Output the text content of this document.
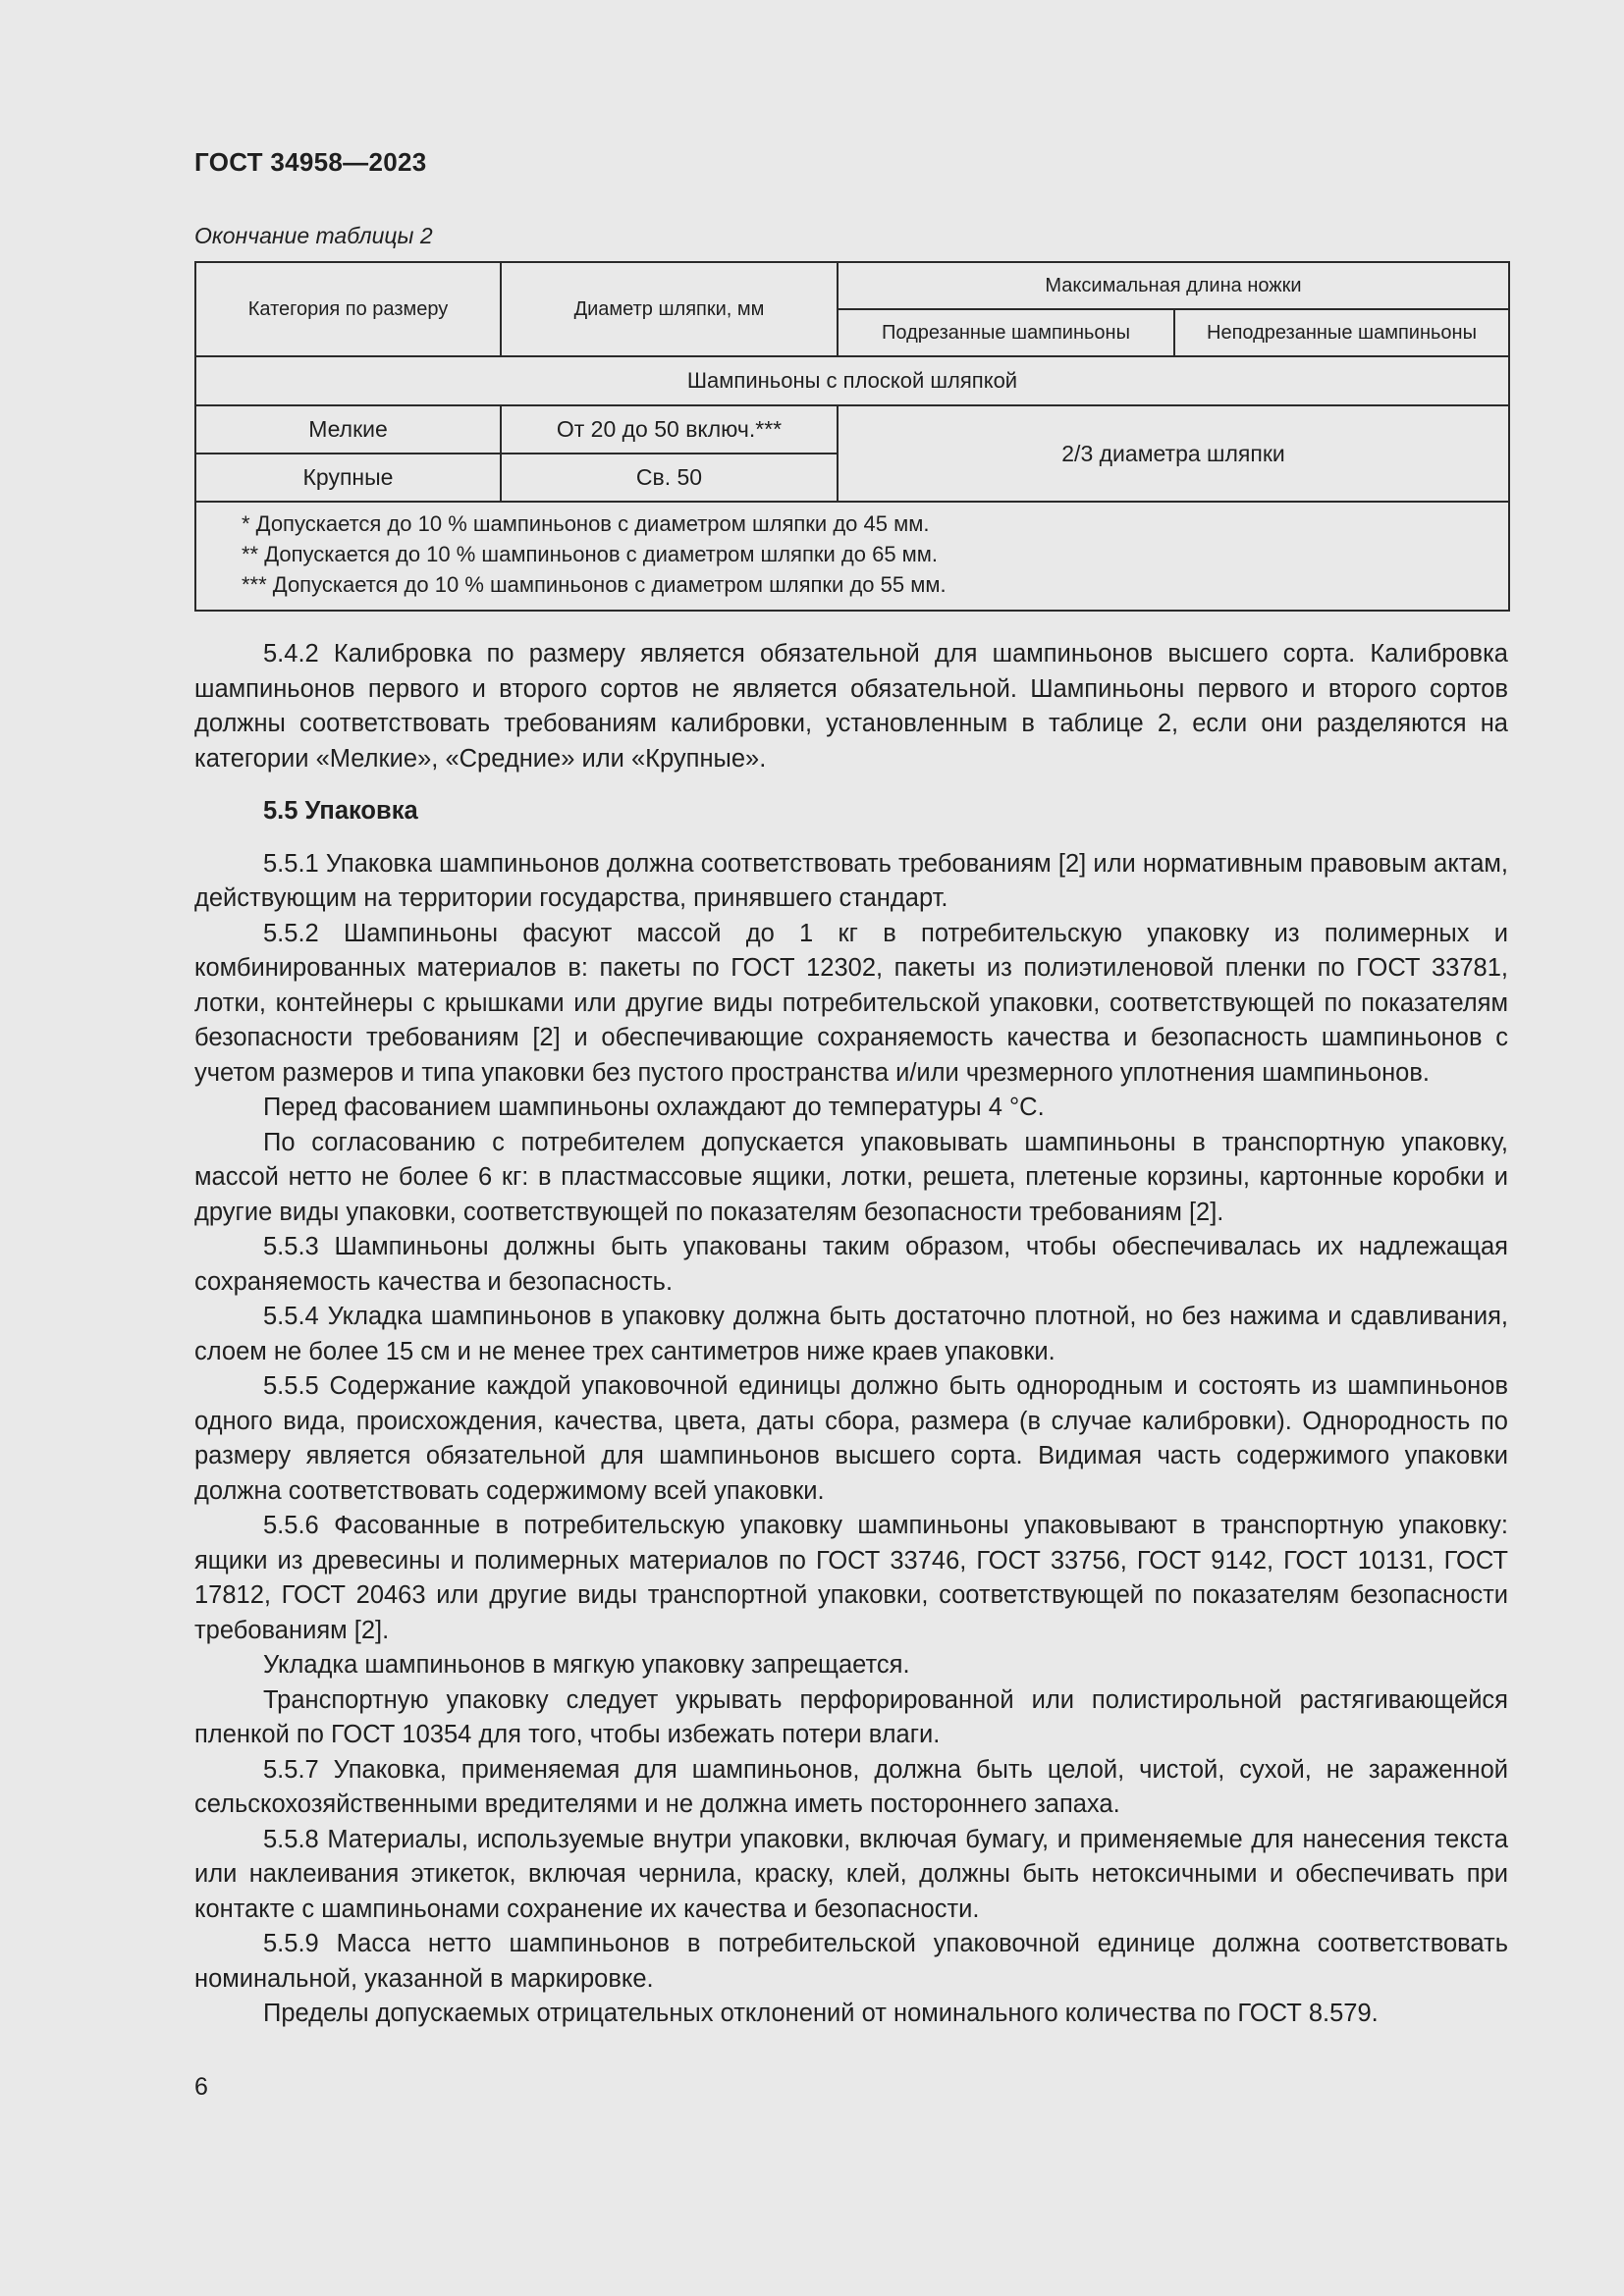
ГОСТ 34958—2023
Окончание таблицы 2
Категория по размеру	Диаметр шляпки, мм	Максимальная длина ножки	
		Подрезанные шампиньоны	Неподрезанные шампиньоны
Шампиньоны с плоской шляпкой			
Мелкие	От 20 до 50 включ.***	2/3 диаметра шляпки	
Крупные	Св. 50		

* Допускается до 10 % шампиньонов с диаметром шляпки до 45 мм.
** Допускается до 10 % шампиньонов с диаметром шляпки до 65 мм.
*** Допускается до 10 % шампиньонов с диаметром шляпки до 55 мм.			

5.4.2 Калибровка по размеру является обязательной для шампиньонов высшего сорта. Калибровка шампиньонов первого и второго сортов не является обязательной. Шампиньоны первого и второго сортов должны соответствовать требованиям калибровки, установленным в таблице 2, если они разделяются на категории «Мелкие», «Средние» или «Крупные».

5.5 Упаковка

5.5.1 Упаковка шампиньонов должна соответствовать требованиям [2] или нормативным правовым актам, действующим на территории государства, принявшего стандарт.

5.5.2 Шампиньоны фасуют массой до 1 кг в потребительскую упаковку из полимерных и комбинированных материалов в: пакеты по ГОСТ 12302, пакеты из полиэтиленовой пленки по ГОСТ 33781, лотки, контейнеры с крышками или другие виды потребительской упаковки, соответствующей по показателям безопасности требованиям [2] и обеспечивающие сохраняемость качества и безопасность шампиньонов с учетом размеров и типа упаковки без пустого пространства и/или чрезмерного уплотнения шампиньонов.

Перед фасованием шампиньоны охлаждают до температуры 4 °С.

По согласованию с потребителем допускается упаковывать шампиньоны в транспортную упаковку, массой нетто не более 6 кг: в пластмассовые ящики, лотки, решета, плетеные корзины, картонные коробки и другие виды упаковки, соответствующей по показателям безопасности требованиям [2].

5.5.3 Шампиньоны должны быть упакованы таким образом, чтобы обеспечивалась их надлежащая сохраняемость качества и безопасность.

5.5.4 Укладка шампиньонов в упаковку должна быть достаточно плотной, но без нажима и сдавливания, слоем не более 15 см и не менее трех сантиметров ниже краев упаковки.

5.5.5 Содержание каждой упаковочной единицы должно быть однородным и состоять из шампиньонов одного вида, происхождения, качества, цвета, даты сбора, размера (в случае калибровки). Однородность по размеру является обязательной для шампиньонов высшего сорта. Видимая часть содержимого упаковки должна соответствовать содержимому всей упаковки.

5.5.6 Фасованные в потребительскую упаковку шампиньоны упаковывают в транспортную упаковку: ящики из древесины и полимерных материалов по ГОСТ 33746, ГОСТ 33756, ГОСТ 9142, ГОСТ 10131, ГОСТ 17812, ГОСТ 20463 или другие виды транспортной упаковки, соответствующей по показателям безопасности требованиям [2].

Укладка шампиньонов в мягкую упаковку запрещается.

Транспортную упаковку следует укрывать перфорированной или полистирольной растягивающейся пленкой по ГОСТ 10354 для того, чтобы избежать потери влаги.

5.5.7 Упаковка, применяемая для шампиньонов, должна быть целой, чистой, сухой, не зараженной сельскохозяйственными вредителями и не должна иметь постороннего запаха.

5.5.8 Материалы, используемые внутри упаковки, включая бумагу, и применяемые для нанесения текста или наклеивания этикеток, включая чернила, краску, клей, должны быть нетоксичными и обеспечивать при контакте с шампиньонами сохранение их качества и безопасности.

5.5.9 Масса нетто шампиньонов в потребительской упаковочной единице должна соответствовать номинальной, указанной в маркировке.

Пределы допускаемых отрицательных отклонений от номинального количества по ГОСТ 8.579.

6
